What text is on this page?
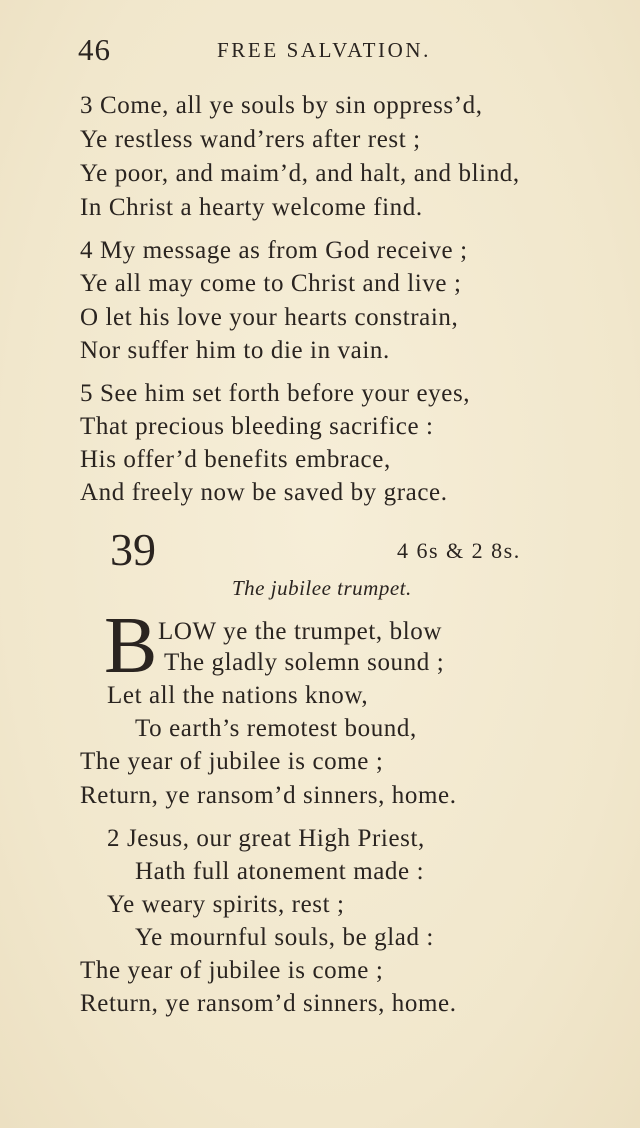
46	FREE SALVATION.
3 Come, all ye souls by sin oppress’d,
Ye restless wand’rers after rest ;
Ye poor, and maim’d, and halt, and blind,
In Christ a hearty welcome find.
4 My message as from God receive ;
Ye all may come to Christ and live ;
O let his love your hearts constrain,
Nor suffer him to die in vain.
5 See him set forth before your eyes,
That precious bleeding sacrifice :
His offer’d benefits embrace,
And freely now be saved by grace.
39	4 6s & 2 8s.
The jubilee trumpet.
B LOW ye the trumpet, blow
The gladly solemn sound ;
Let all the nations know,
To earth’s remotest bound,
The year of jubilee is come ;
Return, ye ransom’d sinners, home.
2 Jesus, our great High Priest,
Hath full atonement made :
Ye weary spirits, rest ;
Ye mournful souls, be glad :
The year of jubilee is come ;
Return, ye ransom’d sinners, home.
